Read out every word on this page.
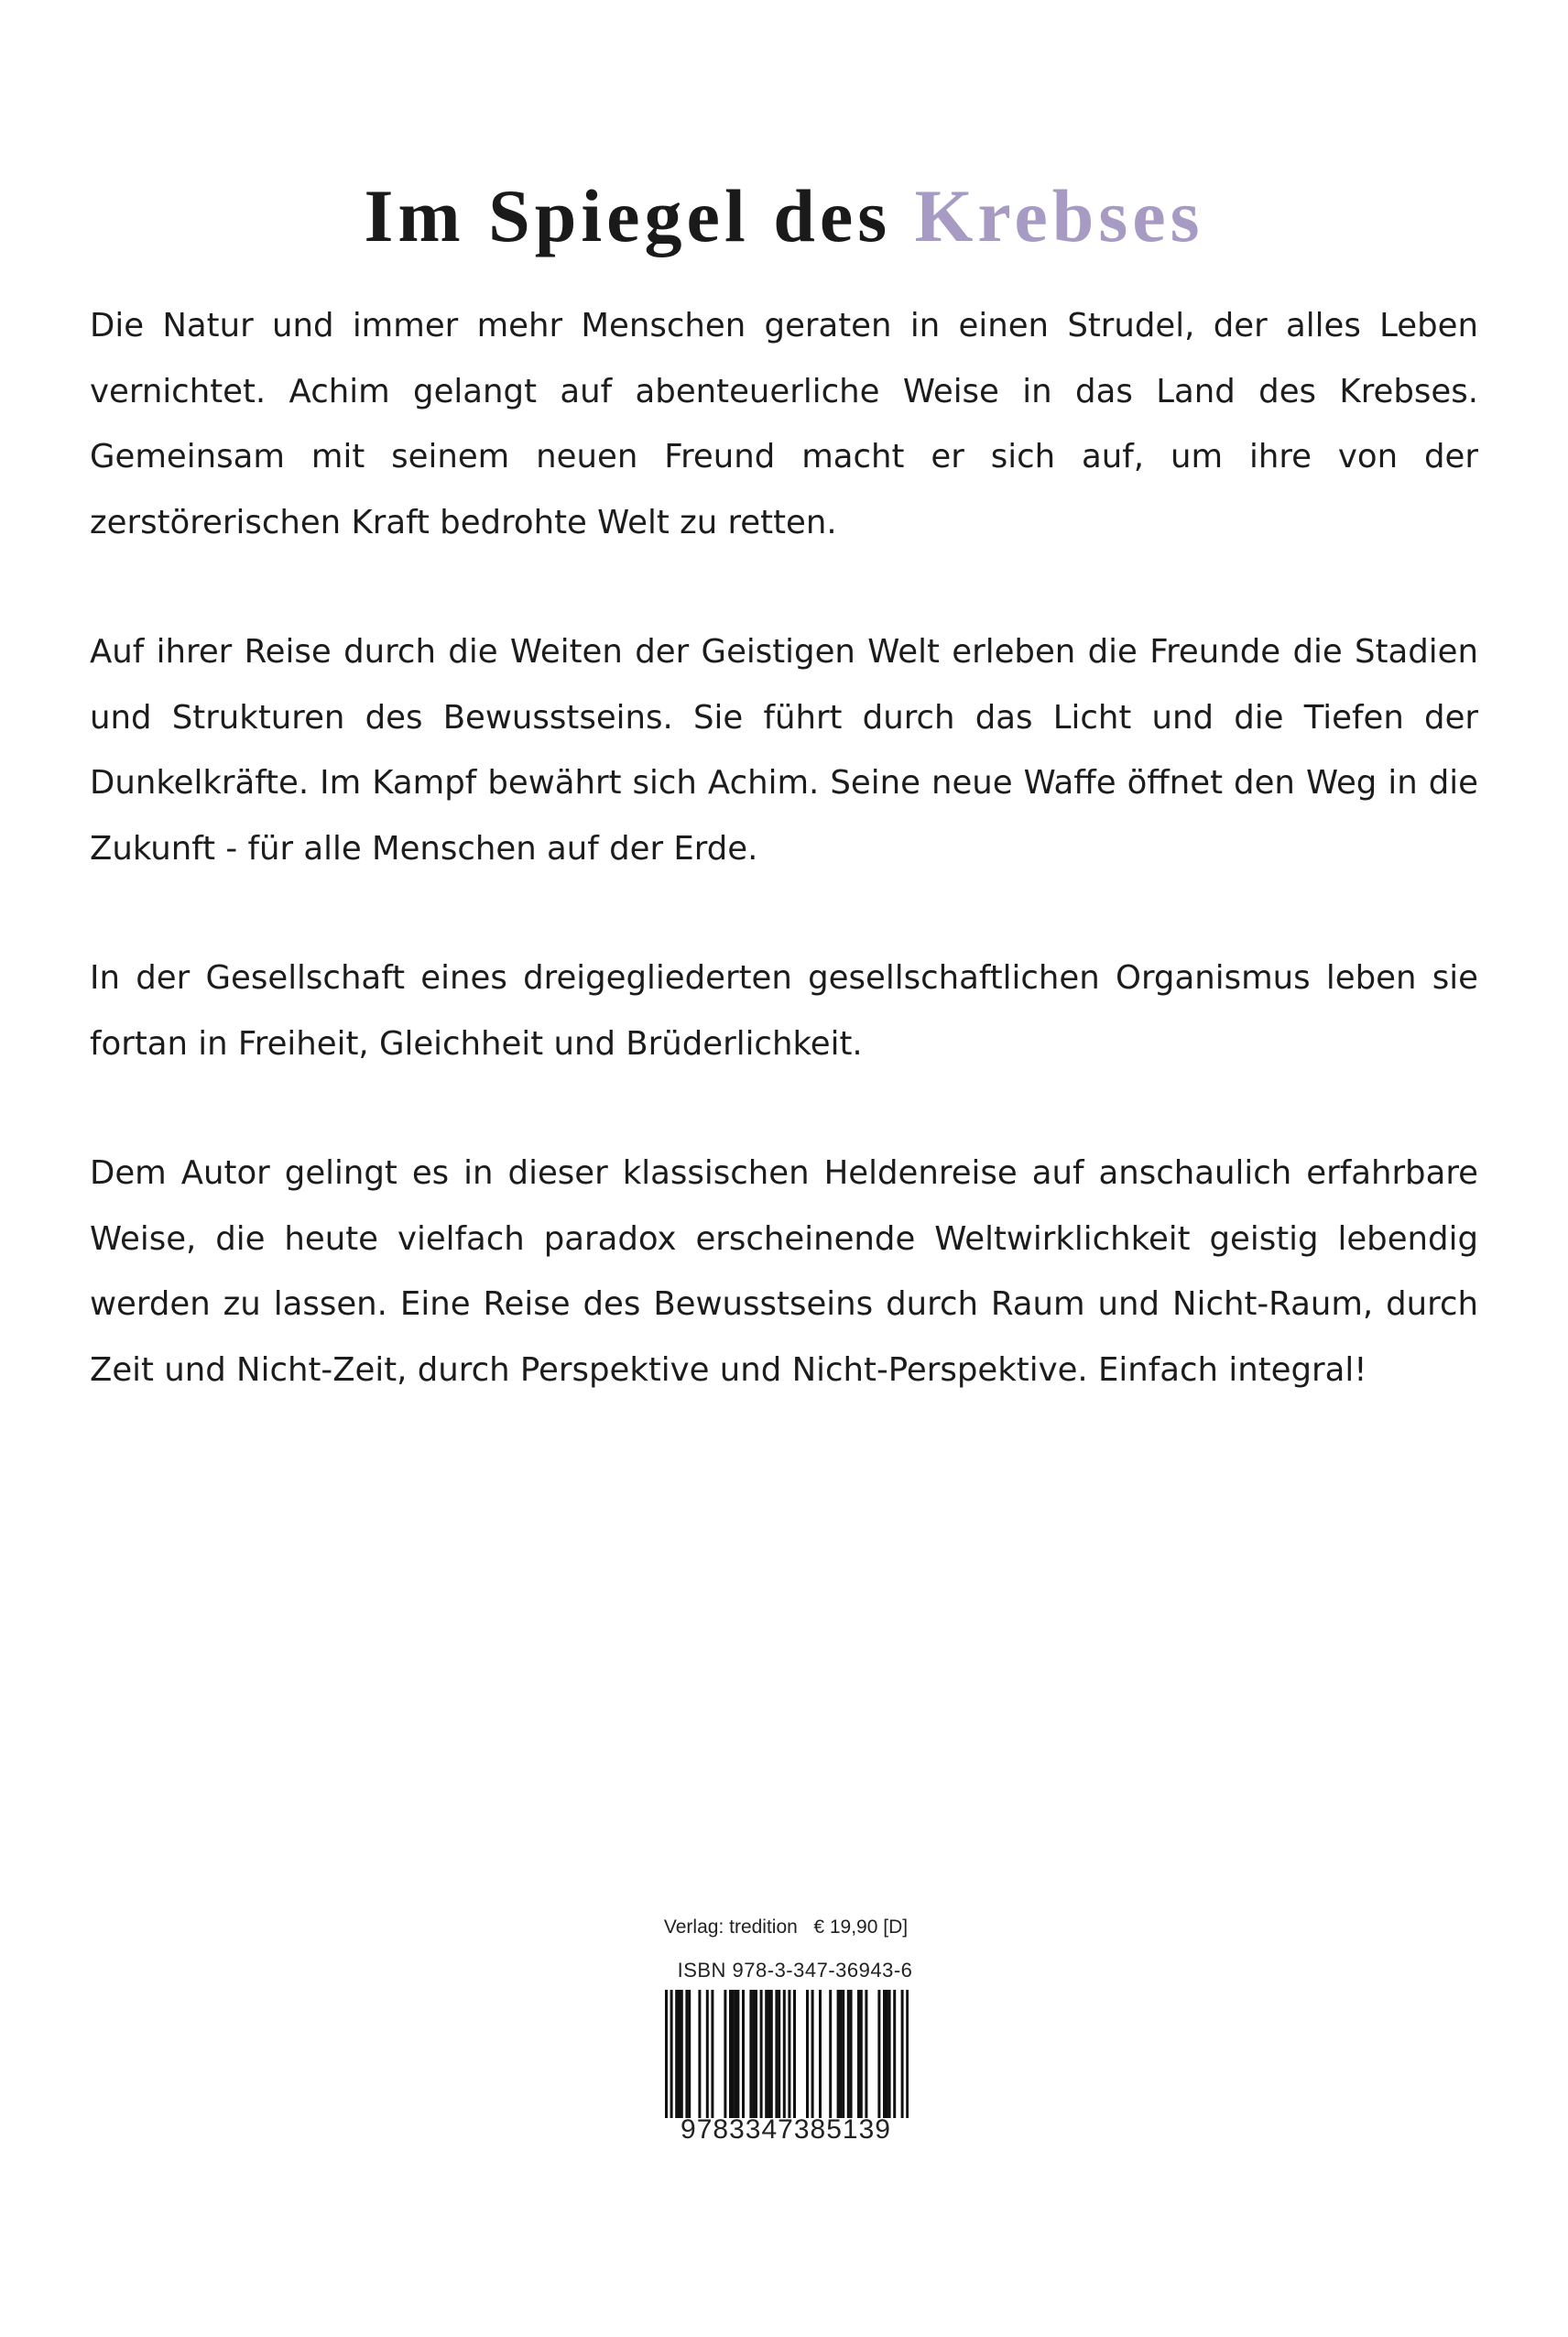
Im Spiegel des Krebses

Die Natur und immer mehr Menschen geraten in einen Strudel, der alles Leben vernichtet. Achim gelangt auf abenteuerliche Weise in das Land des Krebses. Gemeinsam mit seinem neuen Freund macht er sich auf, um ihre von der zerstörerischen Kraft bedrohte Welt zu retten.

Auf ihrer Reise durch die Weiten der Geistigen Welt erleben die Freunde die Stadien und Strukturen des Bewusstseins. Sie führt durch das Licht und die Tiefen der Dunkelkräfte. Im Kampf bewährt sich Achim. Seine neue Waffe öffnet den Weg in die Zukunft - für alle Menschen auf der Erde.

In der Gesellschaft eines dreigegliederten gesellschaftlichen Organismus leben sie fortan in Freiheit, Gleichheit und Brüderlichkeit.

Dem Autor gelingt es in dieser klassischen Heldenreise auf anschaulich erfahrbare Weise, die heute vielfach paradox erscheinende Weltwirklichkeit geistig lebendig werden zu lassen. Eine Reise des Bewusstseins durch Raum und Nicht-Raum, durch Zeit und Nicht-Zeit, durch Perspektive und Nicht-Perspektive. Einfach integral!

Verlag: tredition   € 19,90 [D]
ISBN 978-3-347-36943-6
9783347385139
